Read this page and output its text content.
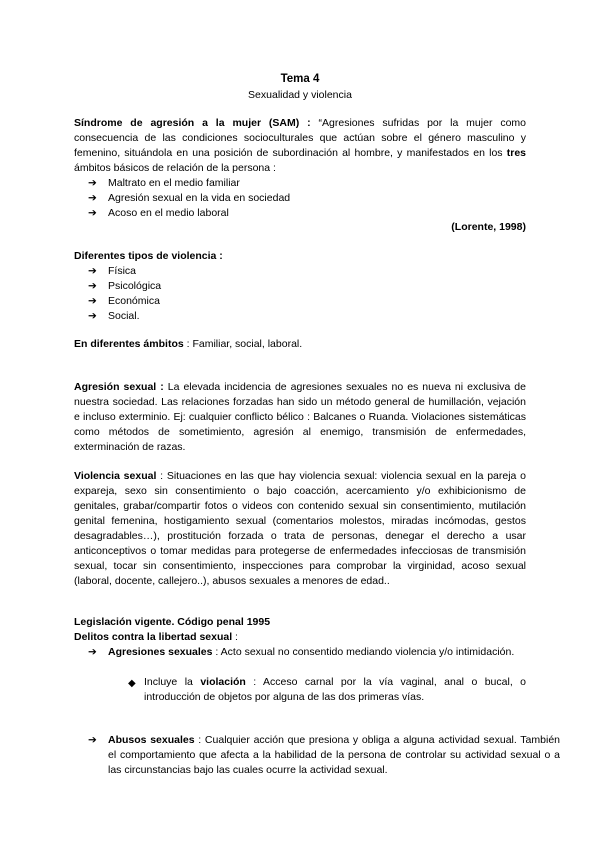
Tema 4
Sexualidad y violencia
Síndrome de agresión a la mujer (SAM) : “Agresiones sufridas por la mujer como consecuencia de las condiciones socioculturales que actúan sobre el género masculino y femenino, situándola en una posición de subordinación al hombre, y manifestados en los tres ámbitos básicos de relación de la persona :
➔ Maltrato en el medio familiar
➔ Agresión sexual en la vida en sociedad
➔ Acoso en el medio laboral
(Lorente, 1998)
Diferentes tipos de violencia :
➔ Física
➔ Psicológica
➔ Económica
➔ Social.
En diferentes ámbitos : Familiar, social, laboral.
Agresión sexual : La elevada incidencia de agresiones sexuales no es nueva ni exclusiva de nuestra sociedad. Las relaciones forzadas han sido un método general de humillación, vejación e incluso exterminio. Ej: cualquier conflicto bélico : Balcanes o Ruanda. Violaciones sistemáticas como métodos de sometimiento, agresión al enemigo, transmisión de enfermedades, exterminación de razas.
Violencia sexual : Situaciones en las que hay violencia sexual: violencia sexual en la pareja o expareja, sexo sin consentimiento o bajo coacción, acercamiento y/o exhibicionismo de genitales, grabar/compartir fotos o videos con contenido sexual sin consentimiento, mutilación genital femenina, hostigamiento sexual (comentarios molestos, miradas incómodas, gestos desagradables…), prostitución forzada o trata de personas, denegar el derecho a usar anticonceptivos o tomar medidas para protegerse de enfermedades infecciosas de transmisión sexual, tocar sin consentimiento, inspecciones para comprobar la virginidad, acoso sexual (laboral, docente, callejero..), abusos sexuales a menores de edad..
Legislación vigente. Código penal 1995
Delitos contra la libertad sexual :
➔ Agresiones sexuales : Acto sexual no consentido mediando violencia y/o intimidación.
◆ Incluye la violación : Acceso carnal por la vía vaginal, anal o bucal, o introducción de objetos por alguna de las dos primeras vías.
➔ Abusos sexuales : Cualquier acción que presiona y obliga a alguna actividad sexual. También el comportamiento que afecta a la habilidad de la persona de controlar su actividad sexual o a las circunstancias bajo las cuales ocurre la actividad sexual.
